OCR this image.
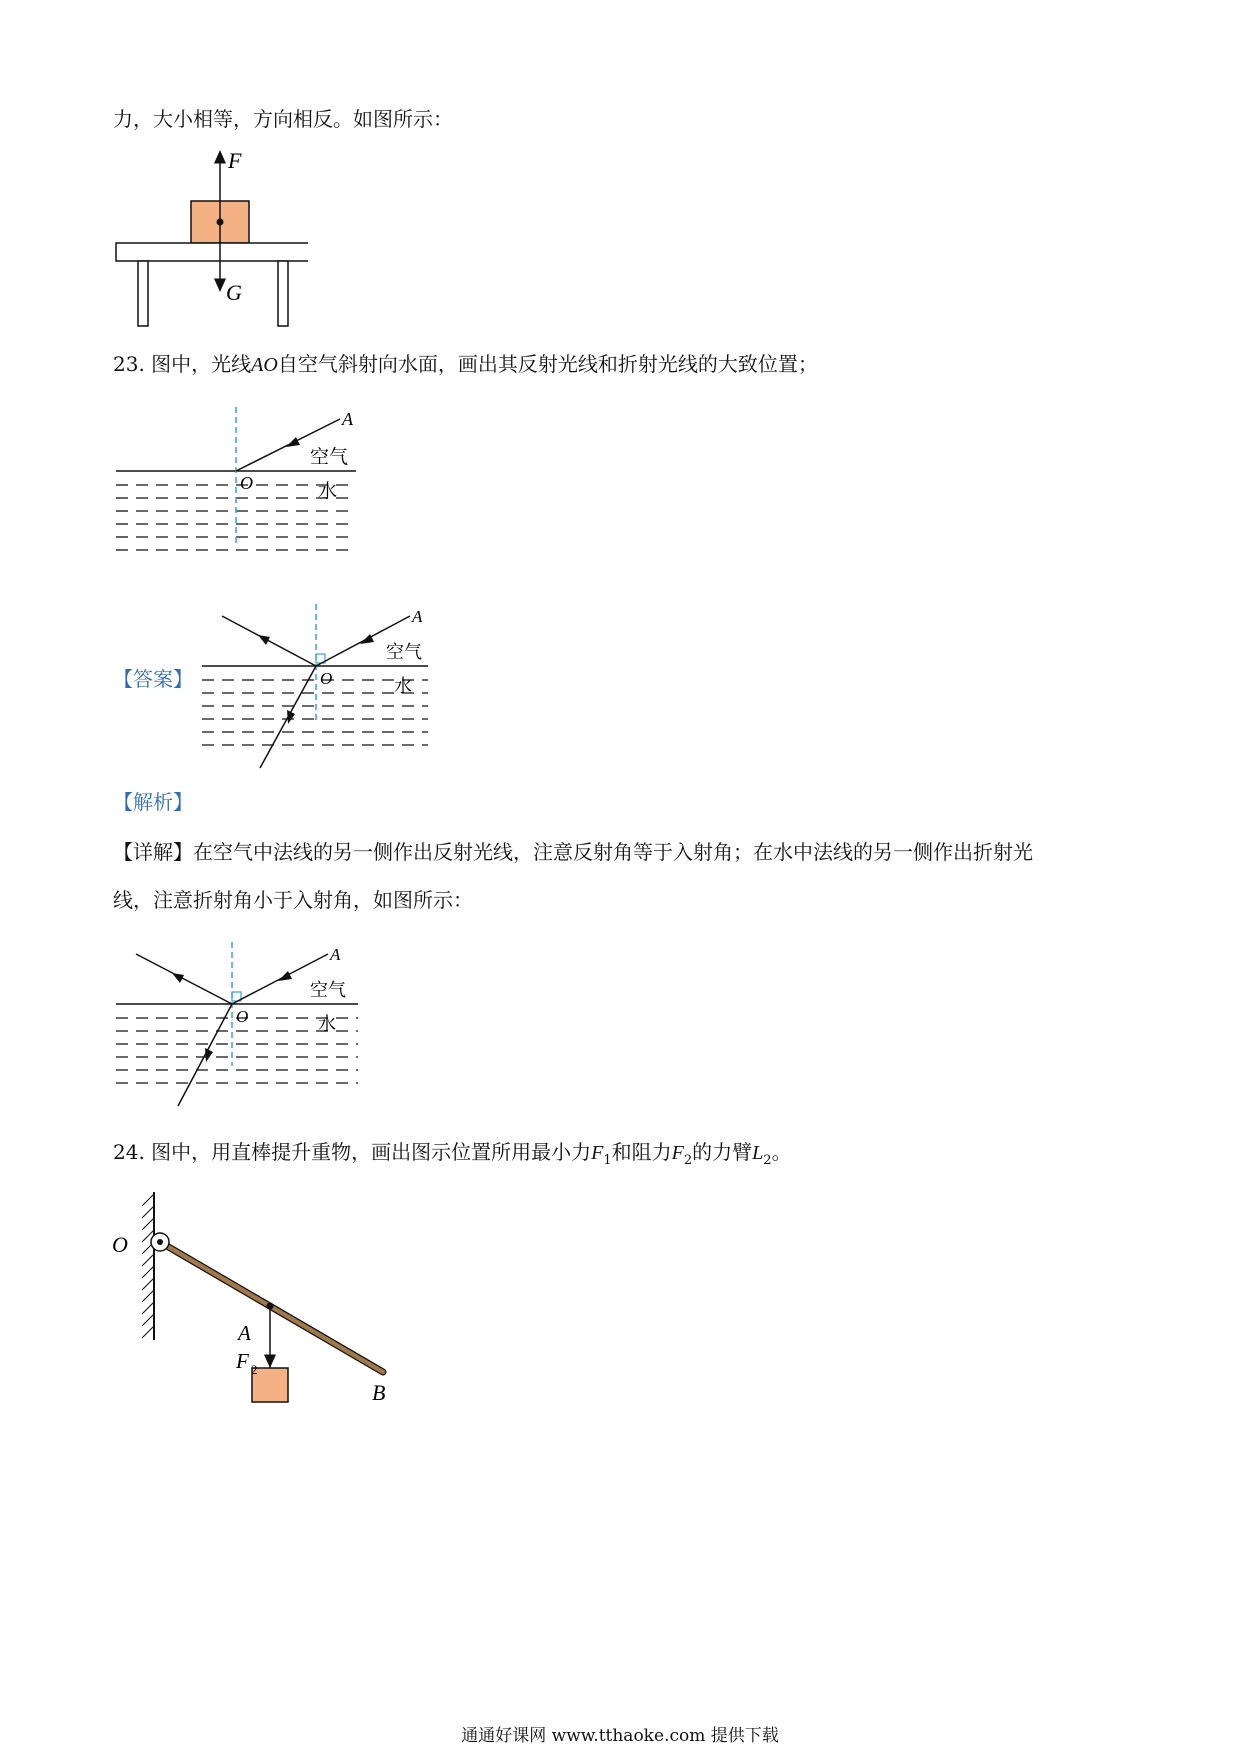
力，大小相等，方向相反。如图所示：
F
G
23. 图中，光线AO自空气斜射向水面，画出其反射光线和折射光线的大致位置；
A
O
空气
水
【答案】
A
O
空气
水
【解析】
【详解】在空气中法线的另一侧作出反射光线，注意反射角等于入射角；在水中法线的另一侧作出折射光
线，注意折射角小于入射角，如图所示：
A
O
空气
水
24. 图中，用直棒提升重物，画出图示位置所用最小力$F_1$和阻力$F_2$的力臂$L_2$。
O
A
F 2
B
通通好课网 www.tthaoke.com 提供下载
